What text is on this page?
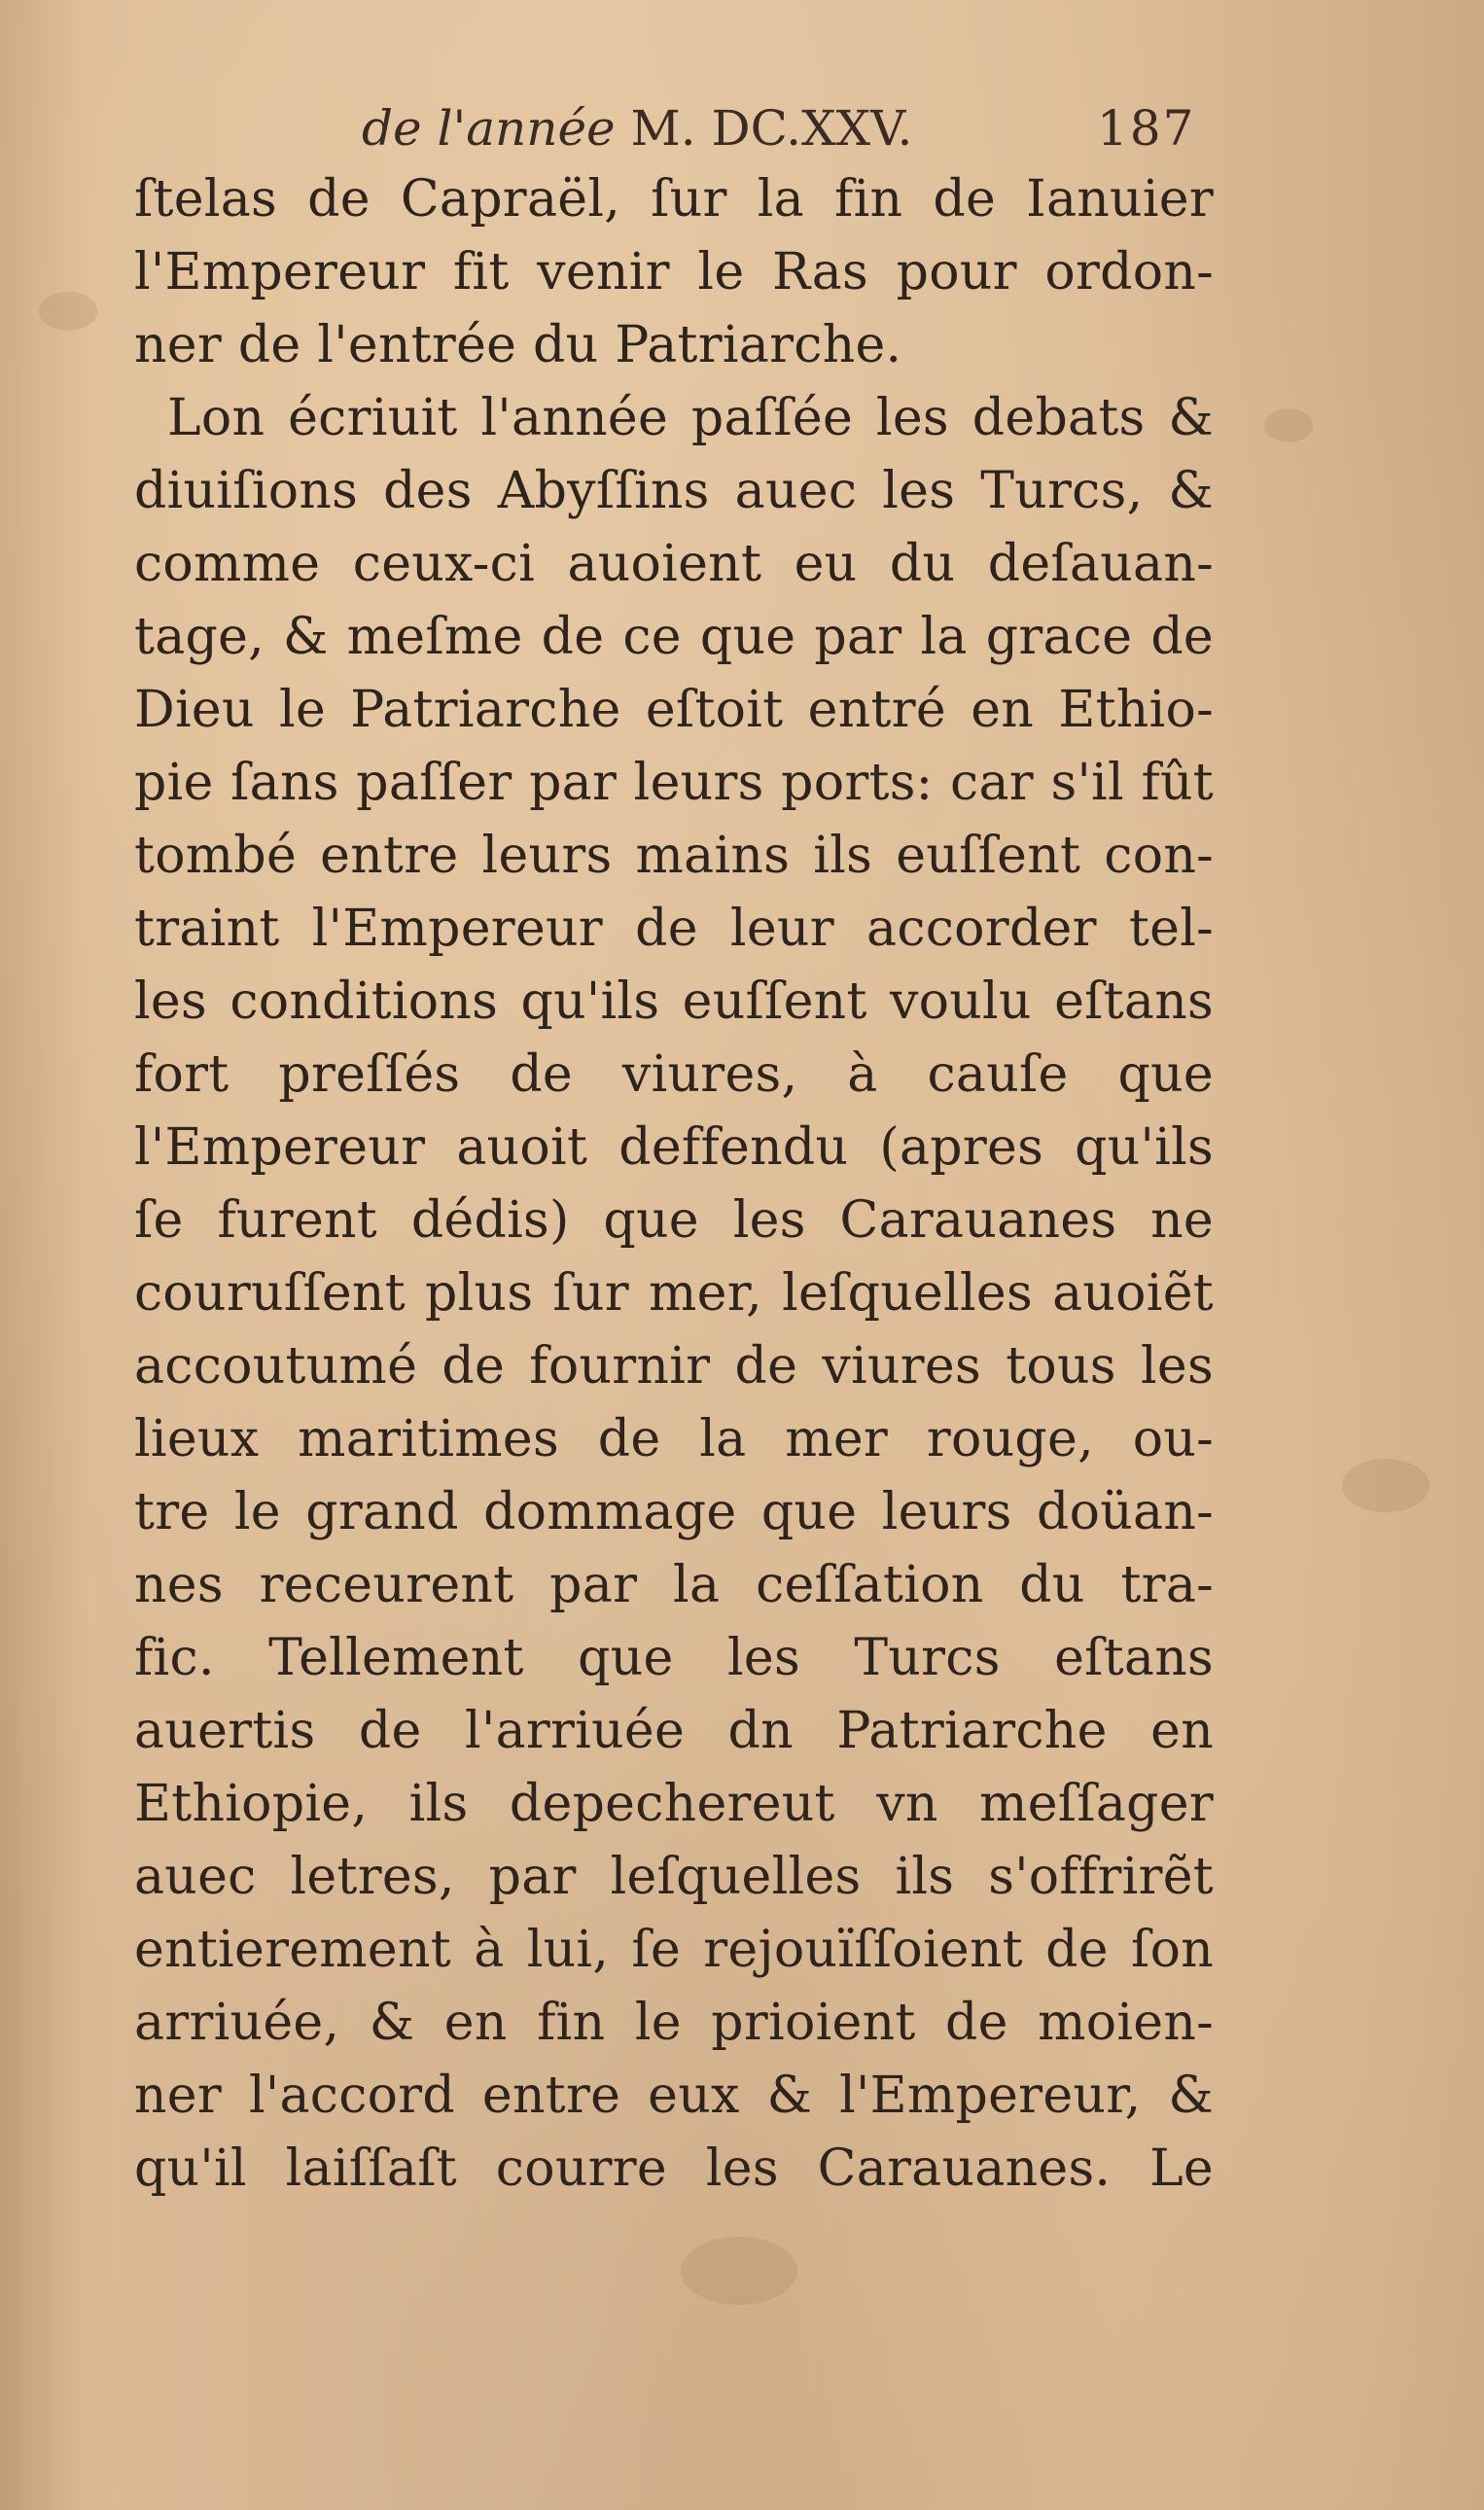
de l'année M. DC.XXV.	187
ſtelas de Capraël, ſur la fin de Ianuier
l'Empereur fit venir le Ras pour ordon-
ner de l'entrée du Patriarche.
Lon écriuit l'année paſſée les debats &
diuiſions des Abyſſins auec les Turcs, &
comme ceux-ci auoient eu du deſauan-
tage, & meſme de ce que par la grace de
Dieu le Patriarche eſtoit entré en Ethio-
pie ſans paſſer par leurs ports: car s'il fût
tombé entre leurs mains ils euſſent con-
traint l'Empereur de leur accorder tel-
les conditions qu'ils euſſent voulu eſtans
fort preſſés de viures, à cauſe que
l'Empereur auoit deffendu (apres qu'ils
ſe furent dédis) que les Carauanes ne
couruſſent plus ſur mer, leſquelles auoiẽt
accoutumé de fournir de viures tous les
lieux maritimes de la mer rouge, ou-
tre le grand dommage que leurs doüan-
nes receurent par la ceſſation du tra-
fic. Tellement que les Turcs eſtans
auertis de l'arriuée dn Patriarche en
Ethiopie, ils depechereut vn meſſager
auec letres, par leſquelles ils s'offrirẽt
entierement à lui, ſe rejouïſſoient de ſon
arriuée, & en fin le prioient de moien-
ner l'accord entre eux & l'Empereur, &
qu'il laiſſaſt courre les Carauanes. Le
